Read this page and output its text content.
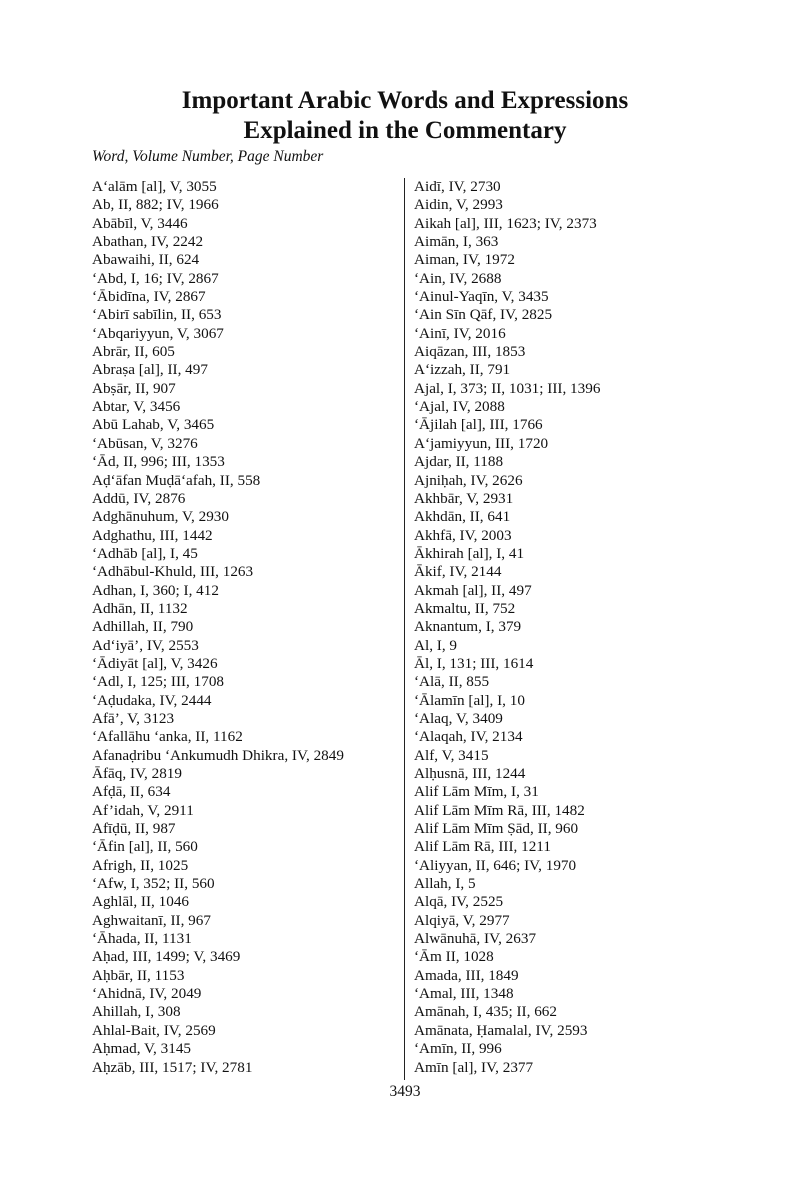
Important Arabic Words and Expressions
Explained in the Commentary
Word, Volume Number, Page Number
A‘alām [al], V, 3055
Ab, II, 882; IV, 1966
Abābīl, V, 3446
Abathan, IV, 2242
Abawaihi, II, 624
‘Abd, I, 16; IV, 2867
‘Ābidīna, IV, 2867
‘Abirī sabīlin, II, 653
‘Abqariyyun, V, 3067
Abrār, II, 605
Abraṣa [al], II, 497
Abṣār, II, 907
Abtar, V, 3456
Abū Lahab, V, 3465
‘Abūsan, V, 3276
‘Ād, II, 996; III, 1353
Aḍ‘āfan Muḍā‘afah, II, 558
Addū, IV, 2876
Adghānuhum, V, 2930
Adghathu, III, 1442
‘Adhāb [al], I, 45
‘Adhābul-Khuld, III, 1263
Adhan, I, 360; I, 412
Adhān, II, 1132
Adhillah, II, 790
Ad‘iyā’, IV, 2553
‘Ādiyāt [al], V, 3426
‘Adl, I, 125; III, 1708
‘Aḍudaka, IV, 2444
Afā’, V, 3123
‘Afallāhu ‘anka, II, 1162
Afanaḍribu ‘Ankumudh Dhikra, IV, 2849
Āfāq, IV, 2819
Afḍā, II, 634
Af’idah, V, 2911
Afīḍū, II, 987
‘Āfin [al], II, 560
Afrigh, II, 1025
‘Afw, I, 352; II, 560
Aghlāl, II, 1046
Aghwaitanī, II, 967
‘Āhada, II, 1131
Aḥad, III, 1499; V, 3469
Aḥbār, II, 1153
‘Ahidnā, IV, 2049
Ahillah, I, 308
Ahlal-Bait, IV, 2569
Aḥmad, V, 3145
Aḥzāb, III, 1517; IV, 2781
Aidī, IV, 2730
Aidin, V, 2993
Aikah [al], III, 1623; IV, 2373
Aimān, I, 363
Aiman, IV, 1972
‘Ain, IV, 2688
‘Ainul-Yaqīn, V, 3435
‘Ain Sīn Qāf, IV, 2825
‘Ainī, IV, 2016
Aiqāzan, III, 1853
A‘izzah, II, 791
Ajal, I, 373; II, 1031; III, 1396
‘Ajal, IV, 2088
‘Ājilah [al], III, 1766
A‘jamiyyun, III, 1720
Ajdar, II, 1188
Ajniḥah, IV, 2626
Akhbār, V, 2931
Akhdān, II, 641
Akhfā, IV, 2003
Ākhirah [al], I, 41
Ākif, IV, 2144
Akmah [al], II, 497
Akmaltu, II, 752
Aknantum, I, 379
Al, I, 9
Āl, I, 131; III, 1614
‘Alā, II, 855
‘Ālamīn [al], I, 10
‘Alaq, V, 3409
‘Alaqah, IV, 2134
Alf, V, 3415
Alḥusnā, III, 1244
Alif Lām Mīm, I, 31
Alif Lām Mīm Rā, III, 1482
Alif Lām Mīm Ṣād, II, 960
Alif Lām Rā, III, 1211
‘Aliyyan, II, 646; IV, 1970
Allah, I, 5
Alqā, IV, 2525
Alqiyā, V, 2977
Alwānuhā, IV, 2637
‘Ām II, 1028
Amada, III, 1849
‘Amal, III, 1348
Amānah, I, 435; II, 662
Amānata, Ḥamalal, IV, 2593
‘Amīn, II, 996
Amīn [al], IV, 2377
3493
